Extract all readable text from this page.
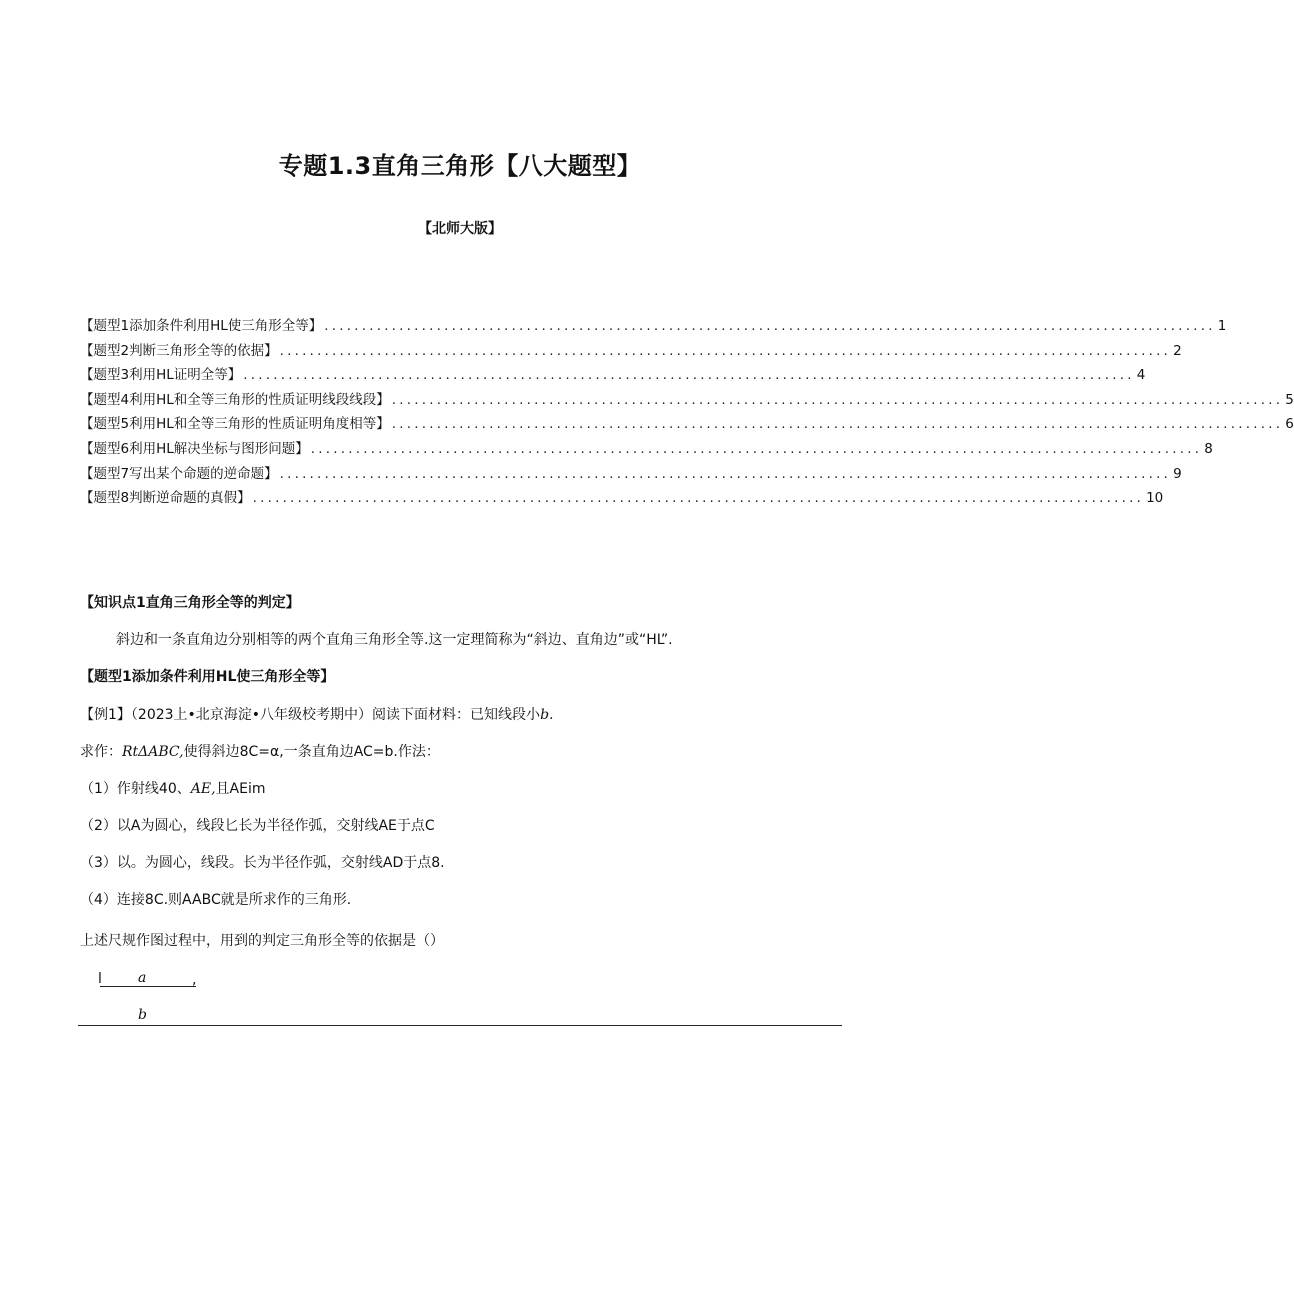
专题1.3直角三角形【八大题型】
【北师大版】
【题型1添加条件利用HL使三角形全等】 ....................................................................................................................... 1
【题型2判断三角形全等的依据】 ....................................................................................................................... 2
【题型3利用HL证明全等】 ....................................................................................................................... 4
【题型4利用HL和全等三角形的性质证明线段线段】 ....................................................................................................................... 5
【题型5利用HL和全等三角形的性质证明角度相等】 ....................................................................................................................... 6
【题型6利用HL解决坐标与图形问题】 ....................................................................................................................... 8
【题型7写出某个命题的逆命题】 ....................................................................................................................... 9
【题型8判断逆命题的真假】 ....................................................................................................................... 10
【知识点1直角三角形全等的判定】
斜边和一条直角边分别相等的两个直角三角形全等.这一定理简称为“斜边、直角边”或“HL”.
【题型1添加条件利用HL使三角形全等】
【例1】（2023上•北京海淀•八年级校考期中）阅读下面材料：已知线段小b.
求作：RtΔABC,使得斜边8C=α,一条直角边AC=b.作法：
（1）作射线40、AE,且AEim
（2）以A为圆心，线段匕长为半径作弧，交射线AE于点C
（3）以。为圆心，线段。长为半径作弧，交射线AD于点8.
（4）连接8C.则AABC就是所求作的三角形.
上述尺规作图过程中，用到的判定三角形全等的依据是（）
l	a	,
b
